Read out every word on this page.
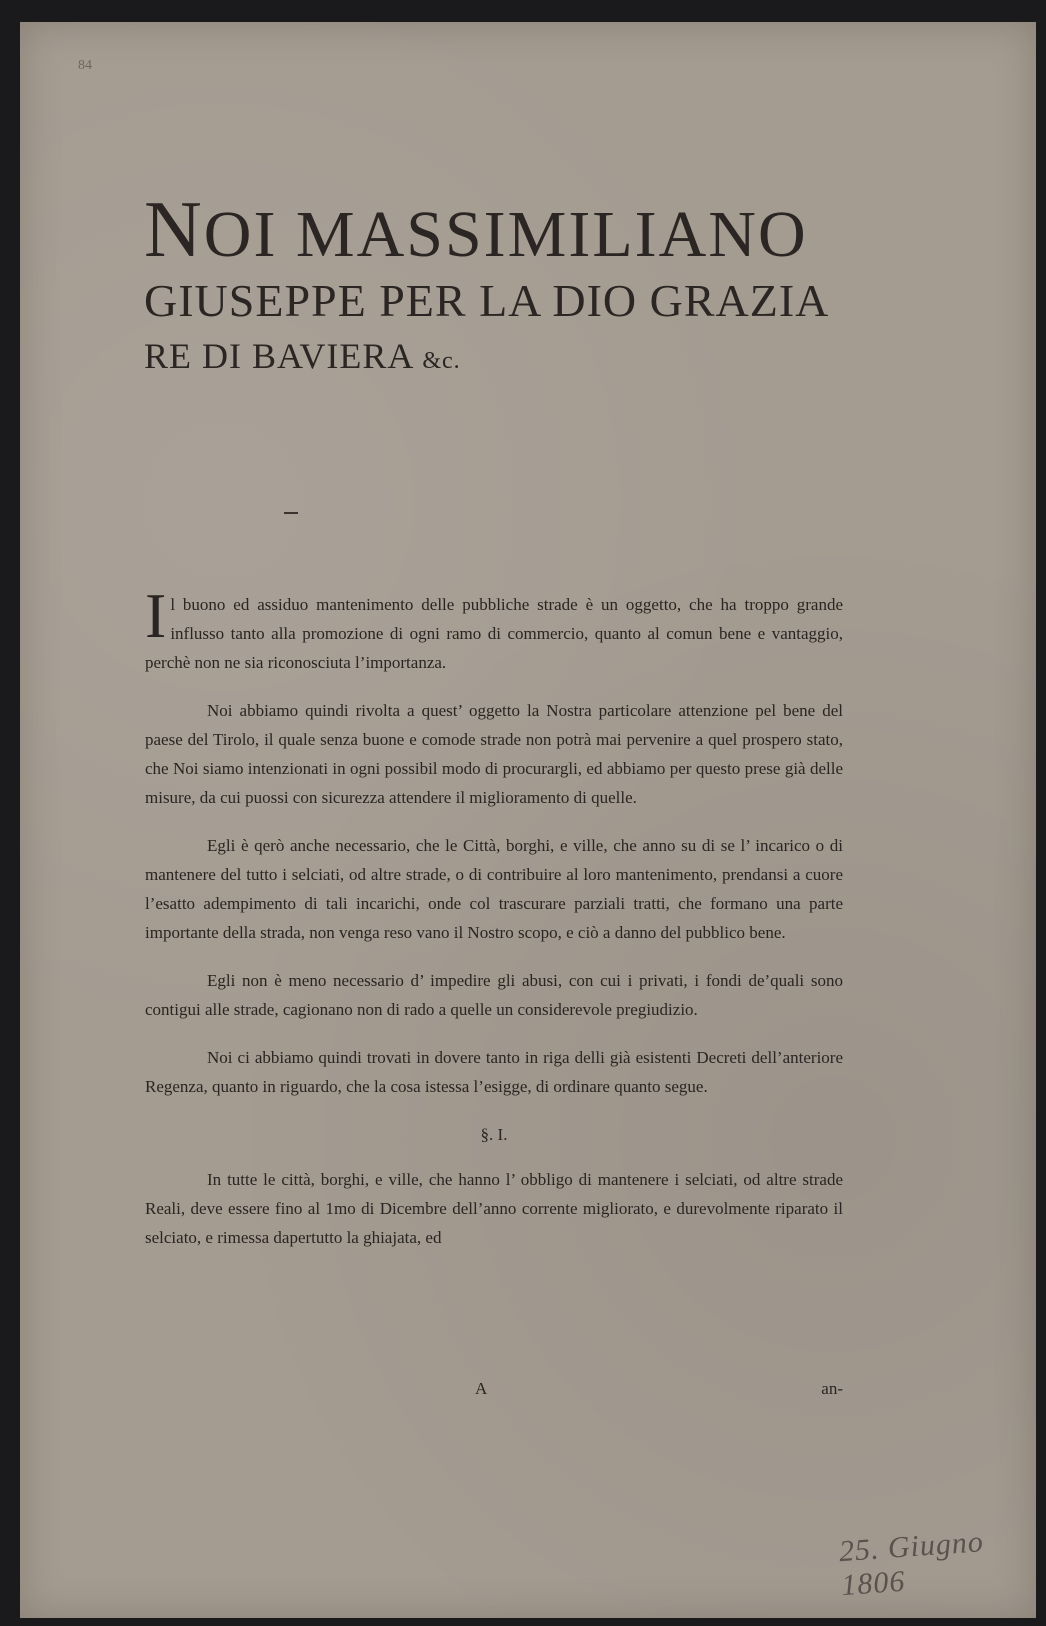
84
NOI MASSIMILIANO
GIUSEPPE PER LA DIO GRAZIA
RE DI BAVIERA &c.

Il buono ed assiduo mantenimento delle pubbliche strade è un oggetto, che ha troppo grande influsso tanto alla promozione di ogni ramo di commercio, quanto al comun bene e vantaggio, perchè non ne sia riconosciuta l’importanza.

Noi abbiamo quindi rivolta a quest’ oggetto la Nostra particolare attenzione pel bene del paese del Tirolo, il quale senza buone e comode strade non potrà mai pervenire a quel prospero stato, che Noi siamo intenzionati in ogni possibil modo di procurargli, ed abbiamo per questo prese già delle misure, da cui puossi con sicurezza attendere il miglioramento di quelle.

Egli è qerò anche necessario, che le Città, borghi, e ville, che anno su di se l’ incarico o di mantenere del tutto i selciati, od altre strade, o di contribuire al loro mantenimento, prendansi a cuore l’esatto adempimento di tali incarichi, onde col trascurare parziali tratti, che formano una parte importante della strada, non venga reso vano il Nostro scopo, e ciò a danno del pubblico bene.

Egli non è meno necessario d’ impedire gli abusi, con cui i privati, i fondi de’quali sono contigui alle strade, cagionano non di rado a quelle un considerevole pregiudizio.

Noi ci abbiamo quindi trovati in dovere tanto in riga delli già esistenti Decreti dell’anteriore Regenza, quanto in riguardo, che la cosa istessa l’esigge, di ordinare quanto segue.

§. I.

In tutte le città, borghi, e ville, che hanno l’ obbligo di mantenere i selciati, od altre strade Reali, deve essere fino al 1mo di Dicembre dell’anno corrente migliorato, e durevolmente riparato il selciato, e rimessa dapertutto la ghiajata, ed

A	an-
25. Giugno 1806
